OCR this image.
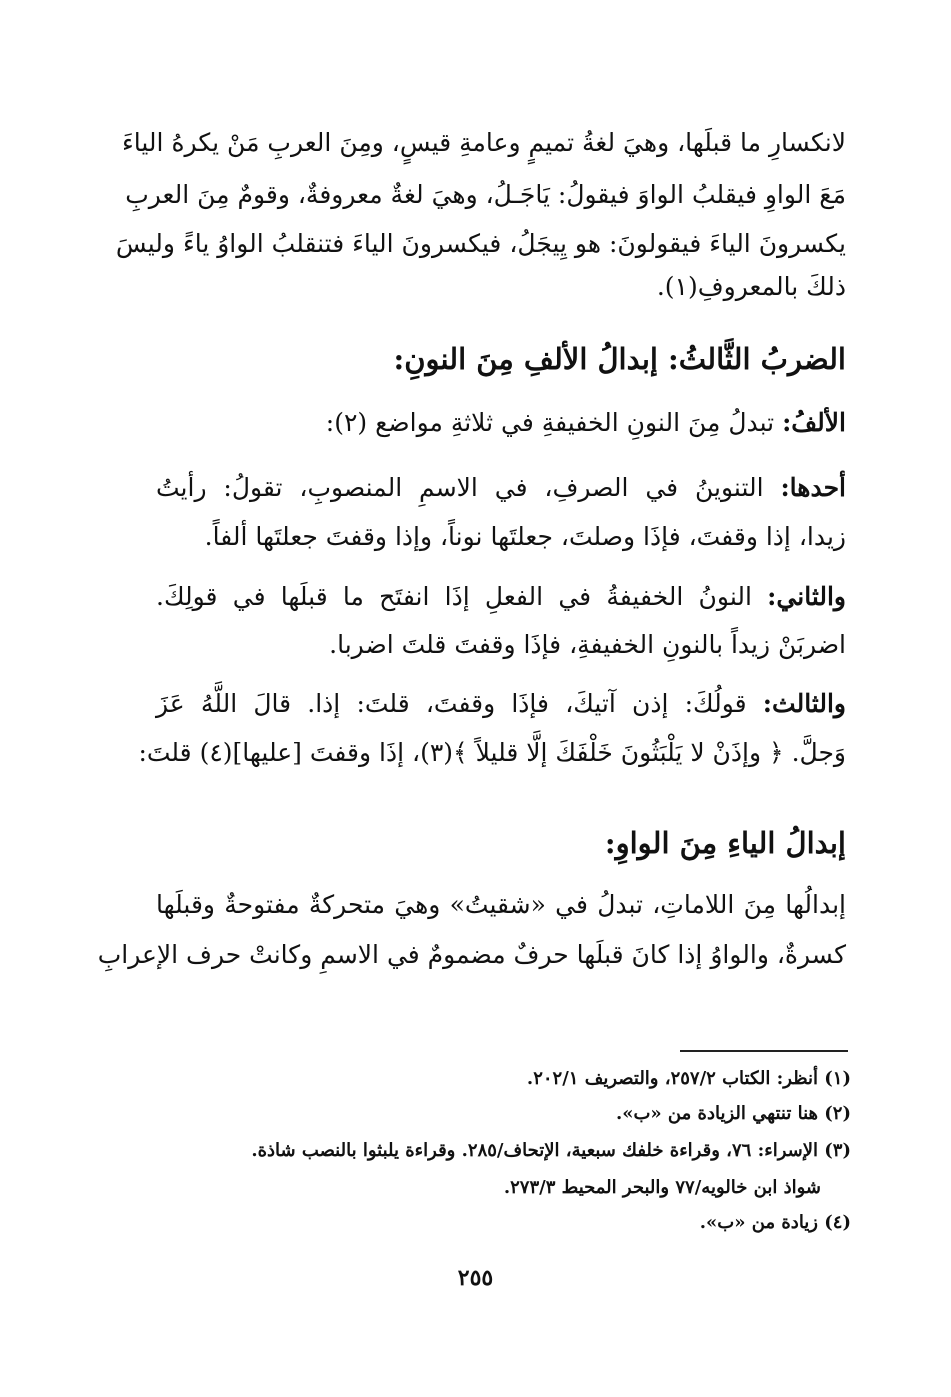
لانكسارِ ما قبلَها، وهيَ لغةُ تميمٍ وعامةِ قيسٍ، ومِنَ العربِ مَنْ يكرهُ الياءَ
مَعَ الواوِ فيقلبُ الواوَ فيقولُ: يَاجَـلُ، وهيَ لغةٌ معروفةٌ، وقومٌ مِنَ العربِ
يكسرونَ الياءَ فيقولونَ: هو يِيجَلُ، فيكسرونَ الياءَ فتنقلبُ الواوُ ياءً وليسَ
ذلكَ بالمعروفِ(١).
الضربُ الثَّالثُ: إبدالُ الألفِ مِنَ النونِ:
الألفُ: تبدلُ مِنَ النونِ الخفيفةِ في ثلاثةِ مواضع (٢):
أحدها: التنوينُ في الصرفِ، في الاسمِ المنصوبِ، تقولُ: رأيتُ
زيدا، إذا وقفتَ، فإذَا وصلتَ، جعلتَها نوناً، وإذا وقفتَ جعلتَها ألفاً.
والثاني: النونُ الخفيفةُ في الفعلِ إذَا انفتَح ما قبلَها في قولِكَ.
اضربَنْ زيداً بالنونِ الخفيفةِ، فإذَا وقفتَ قلتَ اضربا.
والثالث: قولُكَ: إذن آتيكَ، فإذَا وقفتَ، قلتَ: إذا. قالَ اللَّهُ عَزَ
وَجلَّ. ﴿ وإذَنْ لا يَلْبَثُونَ خَلْفَكَ إلَّا قليلاً ﴾(٣)، إذَا وقفتَ [عليها](٤) قلتَ:
إبدالُ الياءِ مِنَ الواوِ:
إبدالُها مِنَ اللاماتِ، تبدلُ في «شقيتُ» وهيَ متحركةٌ مفتوحةٌ وقبلَها
كسرةٌ، والواوُ إذا كانَ قبلَها حرفٌ مضمومٌ في الاسمِ وكانتْ حرف الإعرابِ
(١) أنظر: الكتاب ٢٥٧/٢، والتصريف ٢٠٢/١.
(٢) هنا تنتهي الزيادة من «ب».
(٣) الإسراء: ٧٦، وقراءة خلفك سبعية، الإتحاف/٢٨٥. وقراءة يلبثوا بالنصب شاذة.
شواذ ابن خالويه/٧٧ والبحر المحيط ٢٧٣/٣.
(٤) زيادة من «ب».
٢٥٥
